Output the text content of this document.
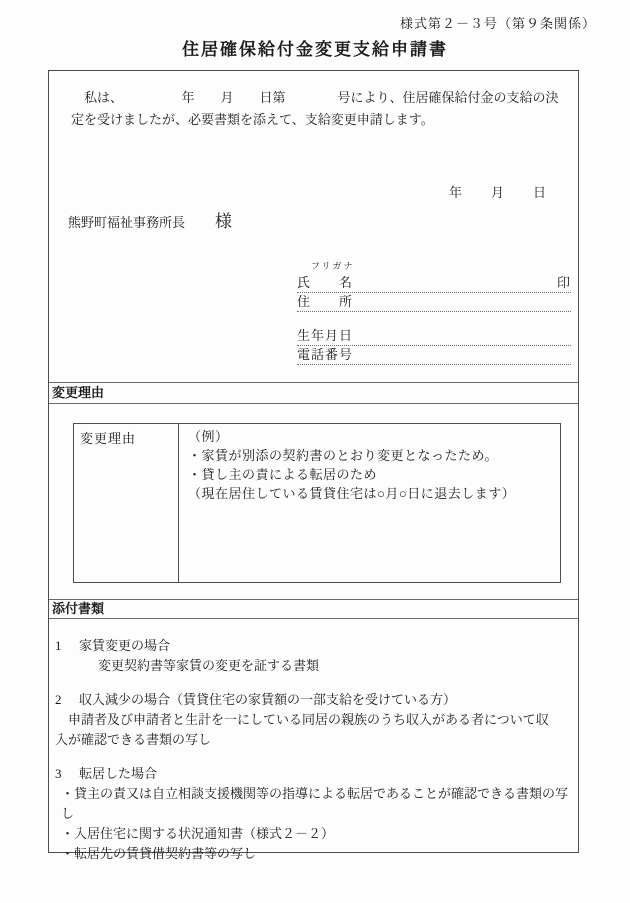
様式第２－３号（第９条関係）
住居確保給付金変更支給申請書

私は、　　　　　年　　月　　日第　　　　号により、住居確保給付金の支給の決

定を受けましたが、必要書類を添えて、支給変更申請します。

年　　月　　日
熊野町福祉事務所長 様
フリガナ
氏　　名	印
住　　所
生年月日
電話番号
変更理由
変更理由	（例）
・家賃が別添の契約書のとおり変更となったため。
・貸し主の責による転居のため
（現在居住している賃貸住宅は○月○日に退去します）
添付書類
1 家賃変更の場合
変更契約書等家賃の変更を証する書類
2 収入減少の場合（賃貸住宅の家賃額の一部支給を受けている方）
申請者及び申請者と生計を一にしている同居の親族のうち収入がある者について収
入が確認できる書類の写し
3 転居した場合
・貸主の責又は自立相談支援機関等の指導による転居であることが確認できる書類の写し
・入居住宅に関する状況通知書（様式２－２）
・転居先の賃貸借契約書等の写し
